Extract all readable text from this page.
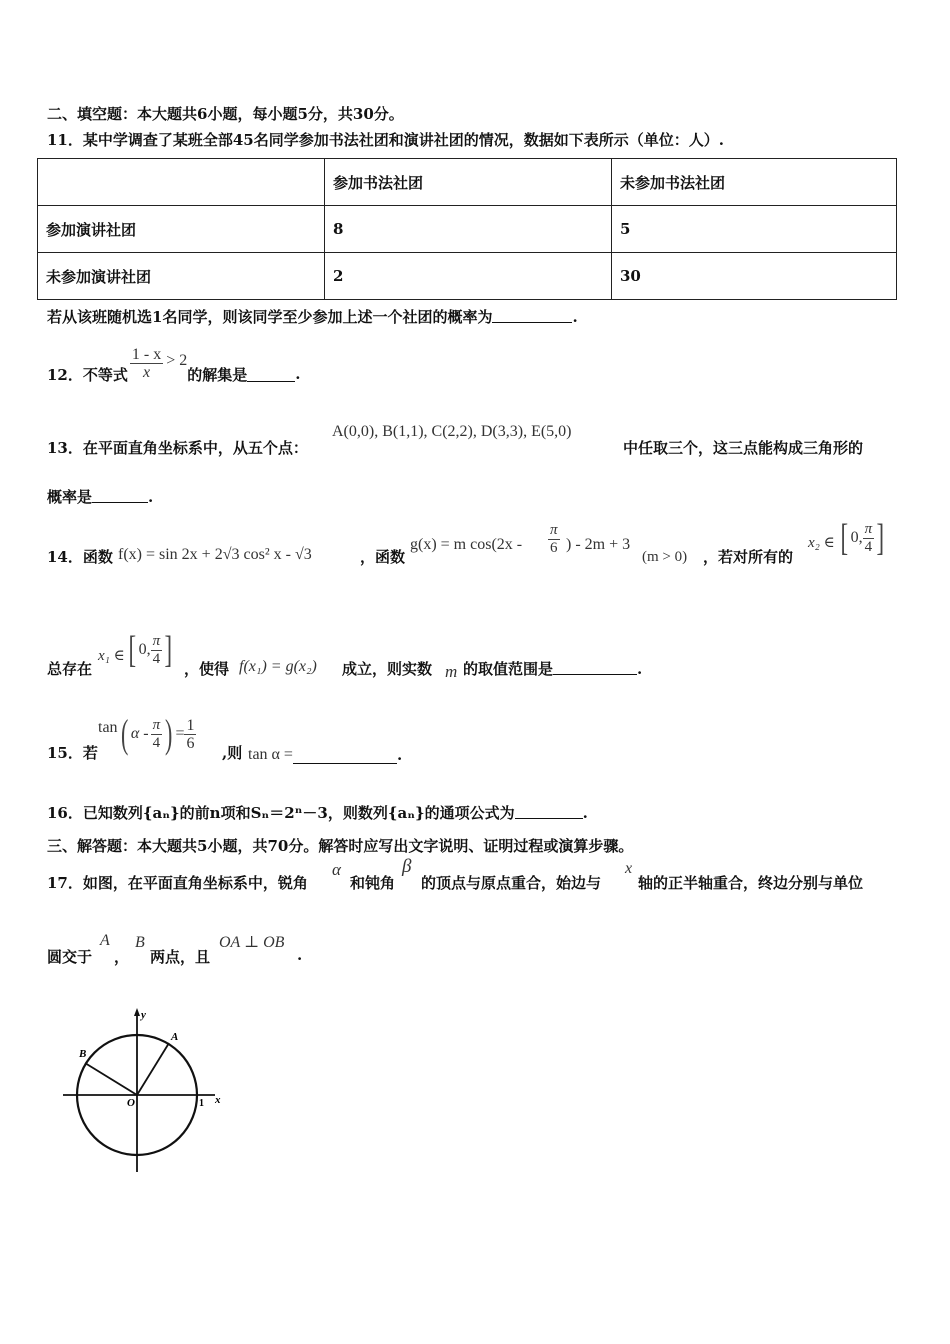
二、填空题：本大题共6小题，每小题5分，共30分。
11．某中学调查了某班全部45名同学参加书法社团和演讲社团的情况，数据如下表所示（单位：人）.
	参加书法社团	未参加书法社团
参加演讲社团	8	5
未参加演讲社团	2	30
若从该班随机选1名同学，则该同学至少参加上述一个社团的概率为	.
12．不等式 $\frac{1 - x}{x} > 2$
的解集是	.
13．在平面直角坐标系中，从五个点：
A(0,0), B(1,1), C(2,2), D(3,3), E(5,0)
中任取三个，这三点能构成三角形的
概率是	.
14．函数 f(x) = sin 2x + 2√3 cos² x - √3	，函数
g(x) = m $\cos(2x - \frac{\pi}{6}$ ) - 2m + 3
(m > 0) ，若对所有的
x₂ ∈ [ 0, $\frac{\pi}{4}$ ]
总存在
x₁ ∈ [ 0, $\frac{\pi}{4}$ ] ，使得 f(x₁) = g(x₂) 成立，则实数 m 的取值范围是	.
15．若
tan ( α - $\frac{\pi}{4}$ ) = $\frac{1}{6}$
,则 tan α =	.
16．已知数列{aₙ}的前n项和Sₙ＝2ⁿ－3，则数列{aₙ}的通项公式为	.
三、解答题：本大题共5小题，共70分。解答时应写出文字说明、证明过程或演算步骤。
17．如图，在平面直角坐标系中，锐角
α
和钝角
β
的顶点与原点重合，始边与
x
轴的正半轴重合，终边分别与单位
圆交于
A
，
B
两点，且
OA ⊥ OB
.
y
x
O	1
A
B
